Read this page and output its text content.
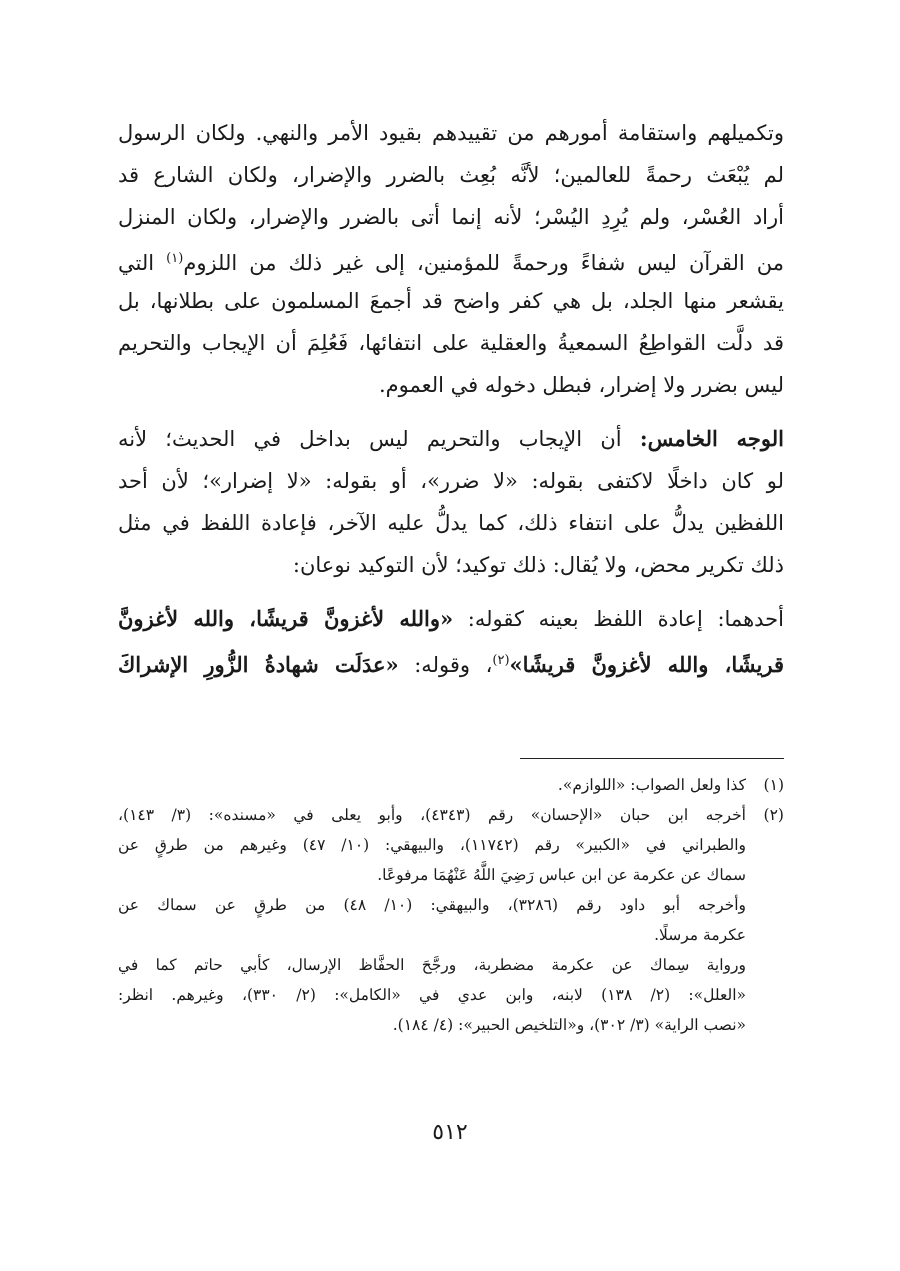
وتكميلهم واستقامة أمورهم من تقييدهم بقيود الأمر والنهي. ولكان الرسول
لم يُبْعَث رحمةً للعالمين؛ لأنَّه بُعِث بالضرر والإضرار، ولكان الشارع قد
أراد العُسْر، ولم يُرِدِ اليُسْر؛ لأنه إنما أتى بالضرر والإضرار، ولكان المنزل
من القرآن ليس شفاءً ورحمةً للمؤمنين، إلى غير ذلك من اللزوم$^{(١)}$ التي
يقشعر منها الجلد، بل هي كفر واضح قد أجمعَ المسلمون على بطلانها، بل
قد دلَّت القواطِعُ السمعيةُ والعقلية على انتفائها، فَعُلِمَ أن الإيجاب والتحريم
ليس بضرر ولا إضرار، فبطل دخوله في العموم.
الوجه الخامس: أن الإيجاب والتحريم ليس بداخل في الحديث؛ لأنه
لو كان داخلًا لاكتفى بقوله: «لا ضرر»، أو بقوله: «لا إضرار»؛ لأن أحد
اللفظين يدلُّ على انتفاء ذلك، كما يدلُّ عليه الآخر، فإعادة اللفظ في مثل
ذلك تكرير محض، ولا يُقال: ذلك توكيد؛ لأن التوكيد نوعان:
أحدهما: إعادة اللفظ بعينه كقوله: «والله لأغزونَّ قريشًا، والله لأغزونَّ
قريشًا، والله لأغزونَّ قريشًا»$^{(٢)}$، وقوله: «عدَلَت شهادةُ الزُّورِ الإشراكَ
(١)كذا ولعل الصواب: «اللوازم».
(٢)أخرجه ابن حبان «الإحسان» رقم (٤٣٤٣)، وأبو يعلى في «مسنده»: (٣/ ١٤٣)،
والطبراني في «الكبير» رقم (١١٧٤٢)، والبيهقي: (١٠/ ٤٧) وغيرهم من طرقٍ عن
سماك عن عكرمة عن ابن عباس رَضِيَ اللَّهُ عَنْهُمَا مرفوعًا.
وأخرجه أبو داود رقم (٣٢٨٦)، والبيهقي: (١٠/ ٤٨) من طرقٍ عن سماك عن
عكرمة مرسلًا.
ورواية سِماك عن عكرمة مضطربة، ورجَّحَ الحفَّاظ الإرسال، كأبي حاتم كما في
«العلل»: (٢/ ١٣٨) لابنه، وابن عدي في «الكامل»: (٢/ ٣٣٠)، وغيرهم. انظر:
«نصب الراية» (٣/ ٣٠٢)، و«التلخيص الحبير»: (٤/ ١٨٤).
٥١٢
